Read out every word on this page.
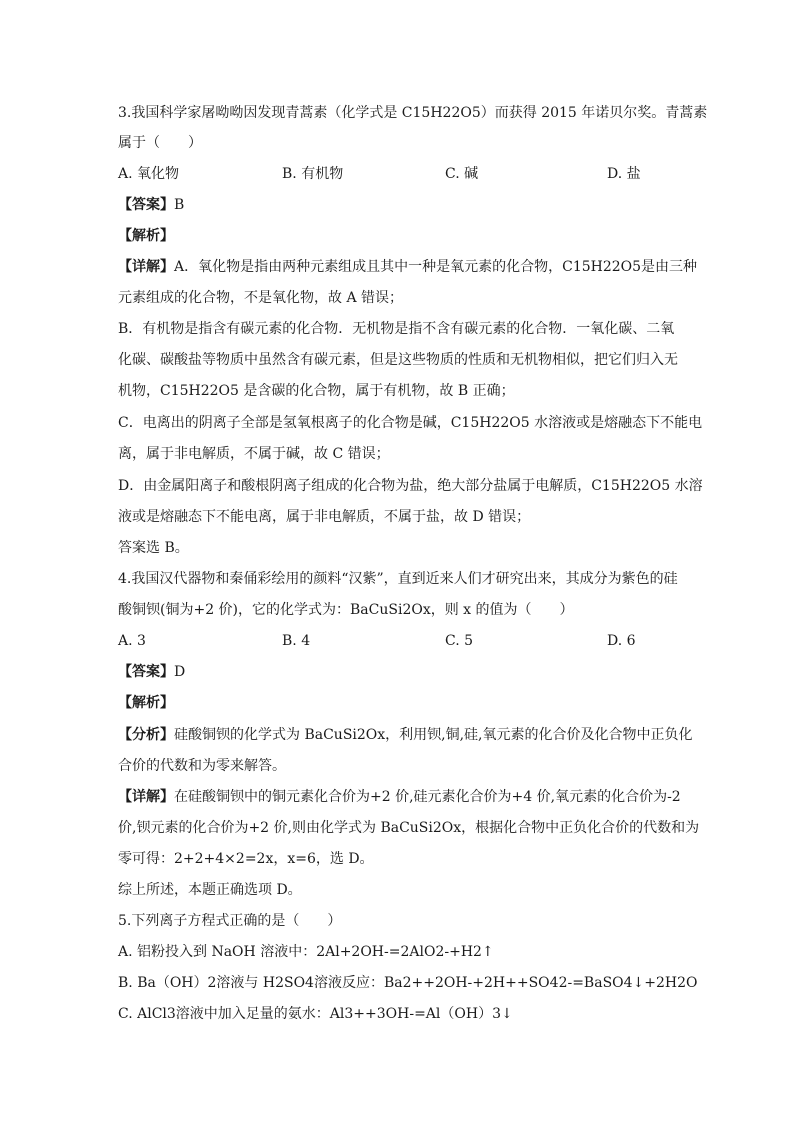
3.我国科学家屠呦呦因发现青蒿素（化学式是 C15H22O5）而获得 2015 年诺贝尔奖。青蒿素
属于（　　）
A. 氧化物	B. 有机物	C. 碱	D. 盐
【答案】B
【解析】
【详解】A．氧化物是指由两种元素组成且其中一种是氧元素的化合物，C15H22O5是由三种
元素组成的化合物，不是氧化物，故 A 错误；
B．有机物是指含有碳元素的化合物．无机物是指不含有碳元素的化合物．一氧化碳、二氧
化碳、碳酸盐等物质中虽然含有碳元素，但是这些物质的性质和无机物相似，把它们归入无
机物，C15H22O5 是含碳的化合物，属于有机物，故 B 正确；
C．电离出的阴离子全部是氢氧根离子的化合物是碱，C15H22O5 水溶液或是熔融态下不能电
离，属于非电解质，不属于碱，故 C 错误；
D．由金属阳离子和酸根阴离子组成的化合物为盐，绝大部分盐属于电解质，C15H22O5 水溶
液或是熔融态下不能电离，属于非电解质，不属于盐，故 D 错误；
答案选 B。
4.我国汉代器物和秦俑彩绘用的颜料“汉紫”，直到近来人们才研究出来，其成分为紫色的硅
酸铜钡(铜为+2 价)，它的化学式为：BaCuSi2Ox，则 x 的值为（　　）
A. 3	B. 4	C. 5	D. 6
【答案】D
【解析】
【分析】硅酸铜钡的化学式为 BaCuSi2Ox，利用钡,铜,硅,氧元素的化合价及化合物中正负化
合价的代数和为零来解答。
【详解】在硅酸铜钡中的铜元素化合价为+2 价,硅元素化合价为+4 价,氧元素的化合价为-2
价,钡元素的化合价为+2 价,则由化学式为 BaCuSi2Ox，根据化合物中正负化合价的代数和为
零可得：2+2+4×2=2x，x=6，选 D。
综上所述，本题正确选项 D。
5.下列离子方程式正确的是（　　）
A. 铝粉投入到 NaOH 溶液中：2Al+2OH-=2AlO2-+H2↑
B. Ba（OH）2溶液与 H2SO4溶液反应：Ba2++2OH-+2H++SO42-=BaSO4↓+2H2O
C. AlCl3溶液中加入足量的氨水：Al3++3OH-=Al（OH）3↓
